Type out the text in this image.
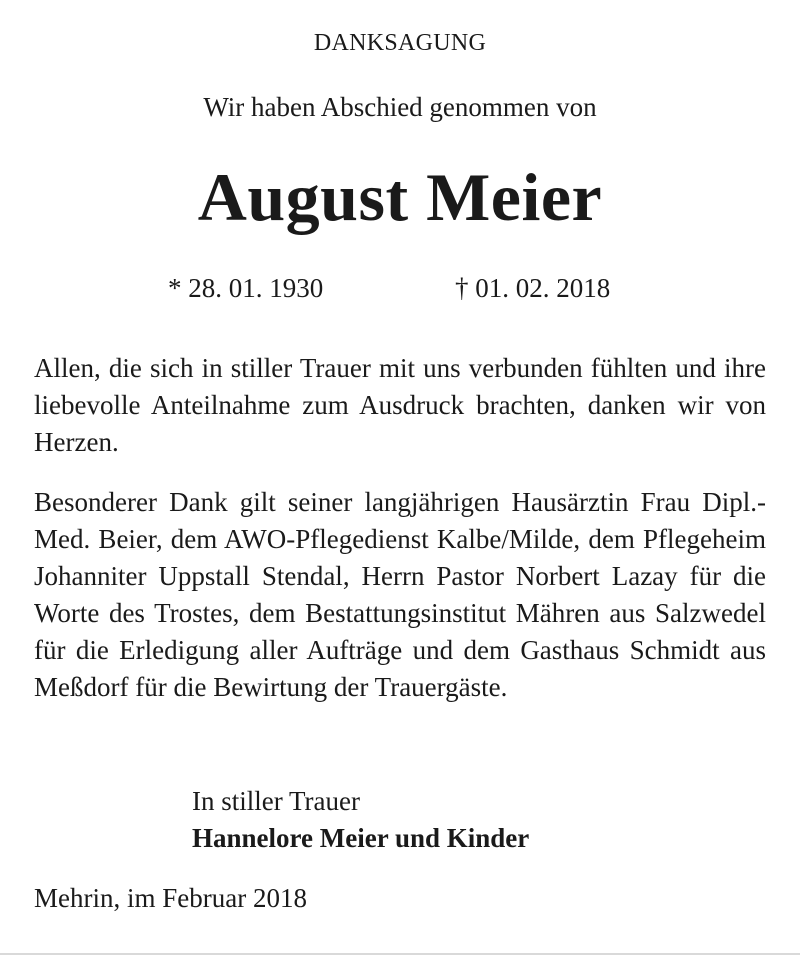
DANKSAGUNG
Wir haben Abschied genommen von
August Meier
* 28. 01. 1930	† 01. 02. 2018

Allen, die sich in stiller Trauer mit uns verbunden fühlten und ihre liebevolle Anteilnahme zum Ausdruck brachten, danken wir von Herzen.

Besonderer Dank gilt seiner langjährigen Hausärztin Frau Dipl.-Med. Beier, dem AWO-Pflegedienst Kalbe/Milde, dem Pflegeheim Johanniter Uppstall Stendal, Herrn Pastor Norbert Lazay für die Worte des Trostes, dem Bestattungsinstitut Mähren aus Salzwedel für die Erledigung aller Aufträge und dem Gasthaus Schmidt aus Meßdorf für die Bewirtung der Trauergäste.

In stiller Trauer
Hannelore Meier und Kinder
Mehrin, im Februar 2018
